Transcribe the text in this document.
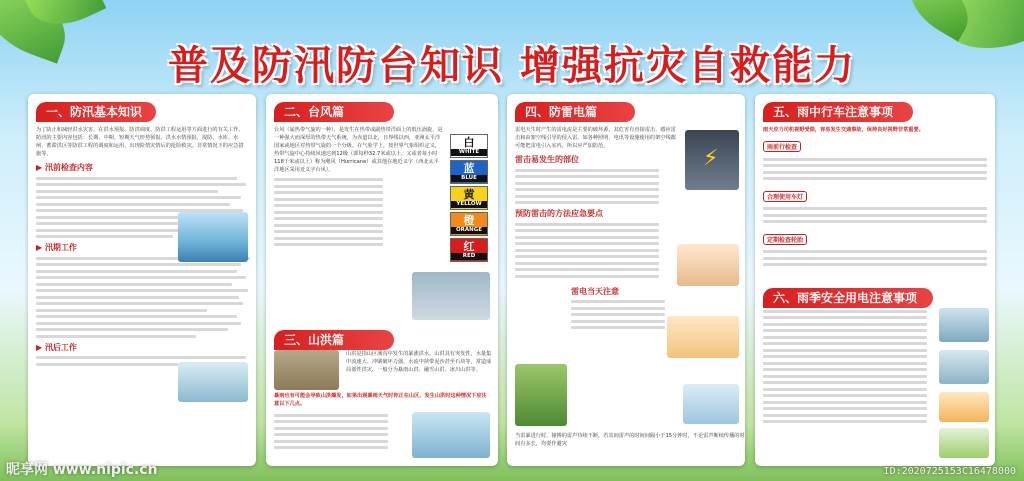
普及防汛防台知识 增强抗灾自救能力
一、防汛基本知识
为了防止和减轻洪水灾害，在洪水预报、防洪调度、防洪工程运用等方面进行的有关工作。防汛的主要内容包括：长期、中期、短期天气形势预报，洪水水情预报，堤防、水库、水闸、蓄滞洪区等防洪工程的调度和运用，出现险情灾情后的抢险救灾。非常情况下的应急措施等。
▶ 汛前检查内容
▶ 汛期工作
▶ 汛后工作
二、台风篇
台风（属热带气旋的一种），是发生在热带或副热带洋面上的低压涡旋，是一种强大而深厚的热带天气系统，为赤道以北，日界线以西，亚洲太平洋国家或地区对热带气旋的一个分级。在气象学上，按世界气象组织定义，热带气旋中心持续风速达到12级（即每秒32.7米或以上，又或者每小时118千米或以上）称为飓风（Hurricane）或其他在地近义字（西北太平洋地区采用近义字台风）。
白
WHITE
蓝
BLUE
黄
YELLOW
橙
ORANGE
红
RED
三、山洪篇
山洪是指山区溪沟中发生的暴涨洪水。山洪具有突发性，水量集中流速大、冲刷破坏力强，水流中挟带泥沙甚至石块等，常造成局部性洪灾，一般分为暴雨山洪、融雪山洪、冰川山洪等。
暴雨也有可能会导致山洪爆发，如果出现暴雨天气时你正在山区，发生山洪时这种情况下应注意以下几点。
四、防雷电篇
雷电天生时产生的雷电流是主要的破坏源，其危害有直接雷击、感应雷击和由架空线引导的侵入雷。如各种照明、电讯等设施使用的架空线都可能把雷电引入室内，所以应严加防范。	⚡
雷击易发生的部位
预防雷击的方法应急要点
雷电当天注意
当雷暴进行时，撞搏的雷声待续不断，若其间雷声的时间间隔小于15分钟时，不论雷声断续传播的时间有多长，均要作避灾
五、雨中行车注意事项
雨天应力司机视野受限，容易发生交通事故，保持良好视野非常重要。
雨前行检查
合理使用车灯
定期检查轮胎
六、雨季安全用电注意事项
昵享网 www.nipic.cn	ID:2020725153C16478000
